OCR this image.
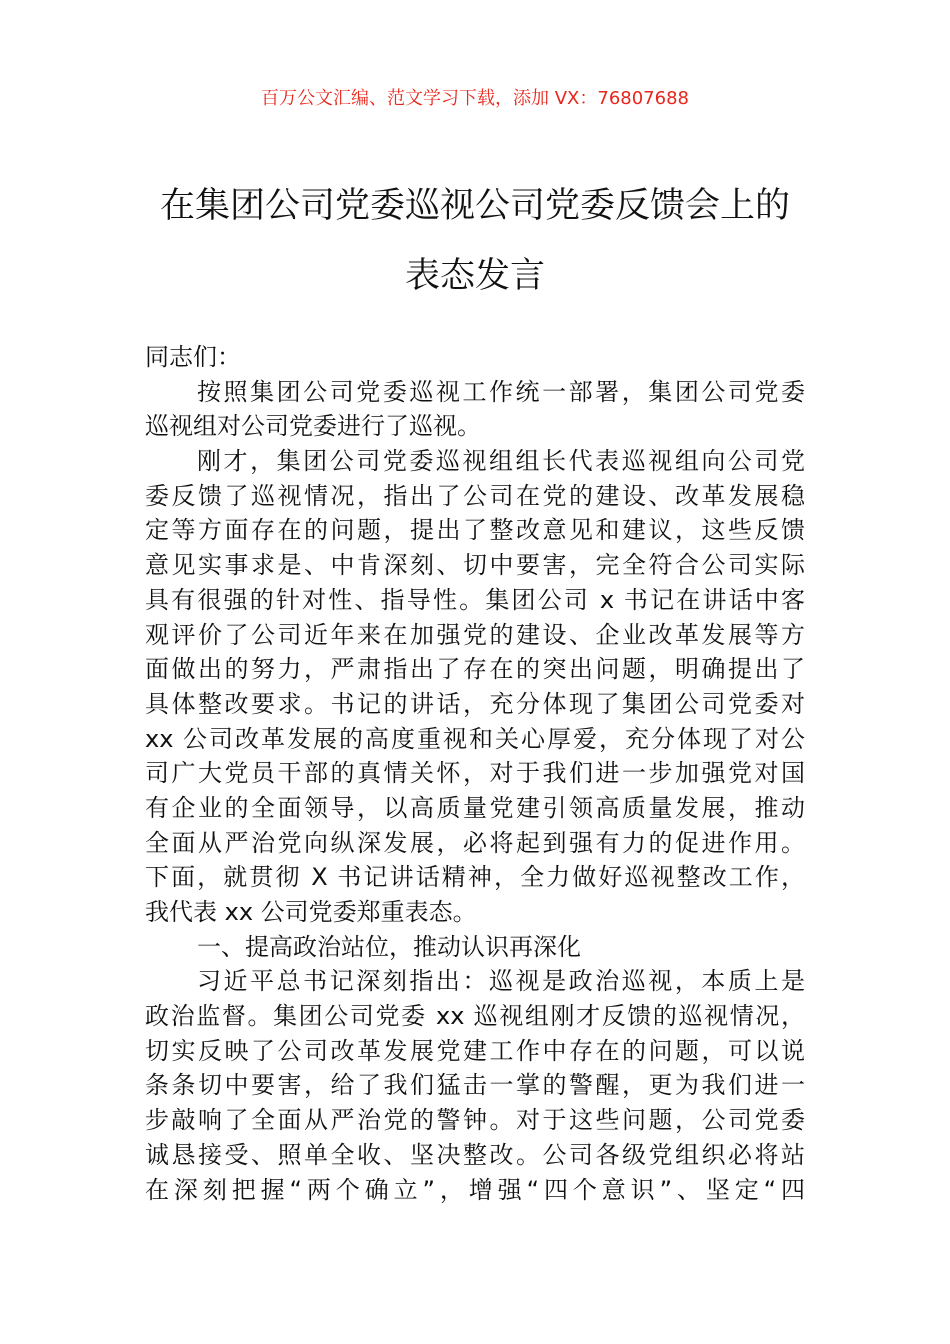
百万公文汇编、范文学习下载，添加 VX：76807688
在集团公司党委巡视公司党委反馈会上的
表态发言
同志们：
按照集团公司党委巡视工作统一部署，集团公司党委
巡视组对公司党委进行了巡视。
刚才，集团公司党委巡视组组长代表巡视组向公司党
委反馈了巡视情况，指出了公司在党的建设、改革发展稳
定等方面存在的问题，提出了整改意见和建议，这些反馈
意见实事求是、中肯深刻、切中要害，完全符合公司实际
具有很强的针对性、指导性。集团公司 x 书记在讲话中客
观评价了公司近年来在加强党的建设、企业改革发展等方
面做出的努力，严肃指出了存在的突出问题，明确提出了
具体整改要求。书记的讲话，充分体现了集团公司党委对
xx 公司改革发展的高度重视和关心厚爱，充分体现了对公
司广大党员干部的真情关怀，对于我们进一步加强党对国
有企业的全面领导，以高质量党建引领高质量发展，推动
全面从严治党向纵深发展，必将起到强有力的促进作用。
下面，就贯彻 X 书记讲话精神，全力做好巡视整改工作，
我代表 xx 公司党委郑重表态。
一、提高政治站位，推动认识再深化
习近平总书记深刻指出：巡视是政治巡视，本质上是
政治监督。集团公司党委 xx 巡视组刚才反馈的巡视情况，
切实反映了公司改革发展党建工作中存在的问题，可以说
条条切中要害，给了我们猛击一掌的警醒，更为我们进一
步敲响了全面从严治党的警钟。对于这些问题，公司党委
诚恳接受、照单全收、坚决整改。公司各级党组织必将站
在深刻把握“两个确立”，增强“四个意识”、坚定“四
